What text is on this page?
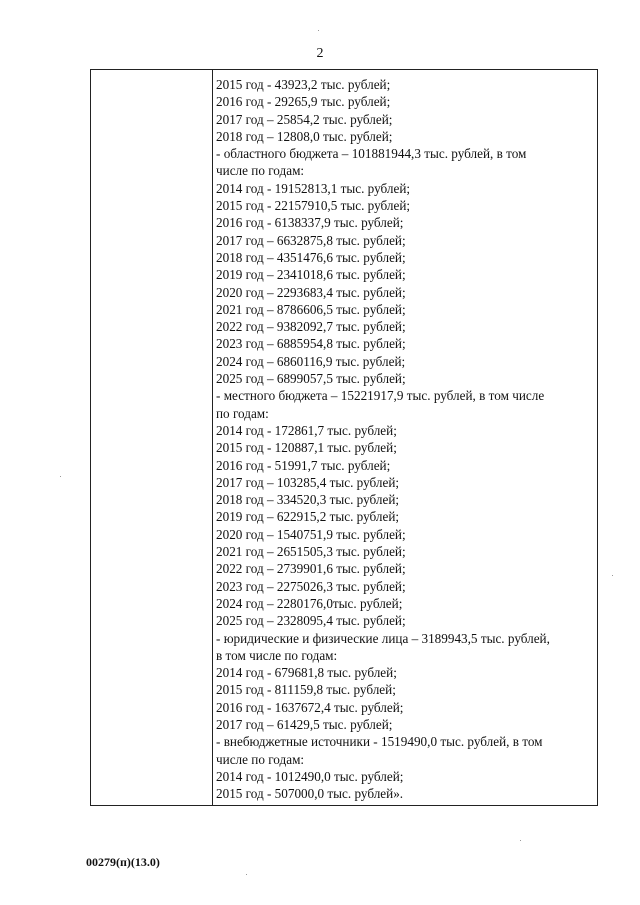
2
2015 год - 43923,2 тыс. рублей;
2016 год - 29265,9 тыс. рублей;
2017 год – 25854,2 тыс. рублей;
2018 год – 12808,0 тыс. рублей;
- областного бюджета – 101881944,3 тыс. рублей, в том
числе по годам:
2014 год - 19152813,1 тыс. рублей;
2015 год - 22157910,5 тыс. рублей;
2016 год - 6138337,9 тыс. рублей;
2017 год – 6632875,8 тыс. рублей;
2018 год – 4351476,6 тыс. рублей;
2019 год – 2341018,6 тыс. рублей;
2020 год – 2293683,4 тыс. рублей;
2021 год – 8786606,5 тыс. рублей;
2022 год – 9382092,7 тыс. рублей;
2023 год – 6885954,8 тыс. рублей;
2024 год – 6860116,9 тыс. рублей;
2025 год – 6899057,5 тыс. рублей;
- местного бюджета – 15221917,9 тыс. рублей, в том числе
по годам:
2014 год - 172861,7 тыс. рублей;
2015 год - 120887,1 тыс. рублей;
2016 год - 51991,7 тыс. рублей;
2017 год – 103285,4 тыс. рублей;
2018 год – 334520,3 тыс. рублей;
2019 год – 622915,2 тыс. рублей;
2020 год – 1540751,9 тыс. рублей;
2021 год – 2651505,3 тыс. рублей;
2022 год – 2739901,6 тыс. рублей;
2023 год – 2275026,3 тыс. рублей;
2024 год – 2280176,0тыс. рублей;
2025 год – 2328095,4 тыс. рублей;
- юридические и физические лица – 3189943,5 тыс. рублей,
в том числе по годам:
2014 год - 679681,8 тыс. рублей;
2015 год - 811159,8 тыс. рублей;
2016 год - 1637672,4 тыс. рублей;
2017 год – 61429,5 тыс. рублей;
- внебюджетные источники - 1519490,0 тыс. рублей, в том
числе по годам:
2014 год - 1012490,0 тыс. рублей;
2015 год - 507000,0 тыс. рублей».
00279(п)(13.0)
